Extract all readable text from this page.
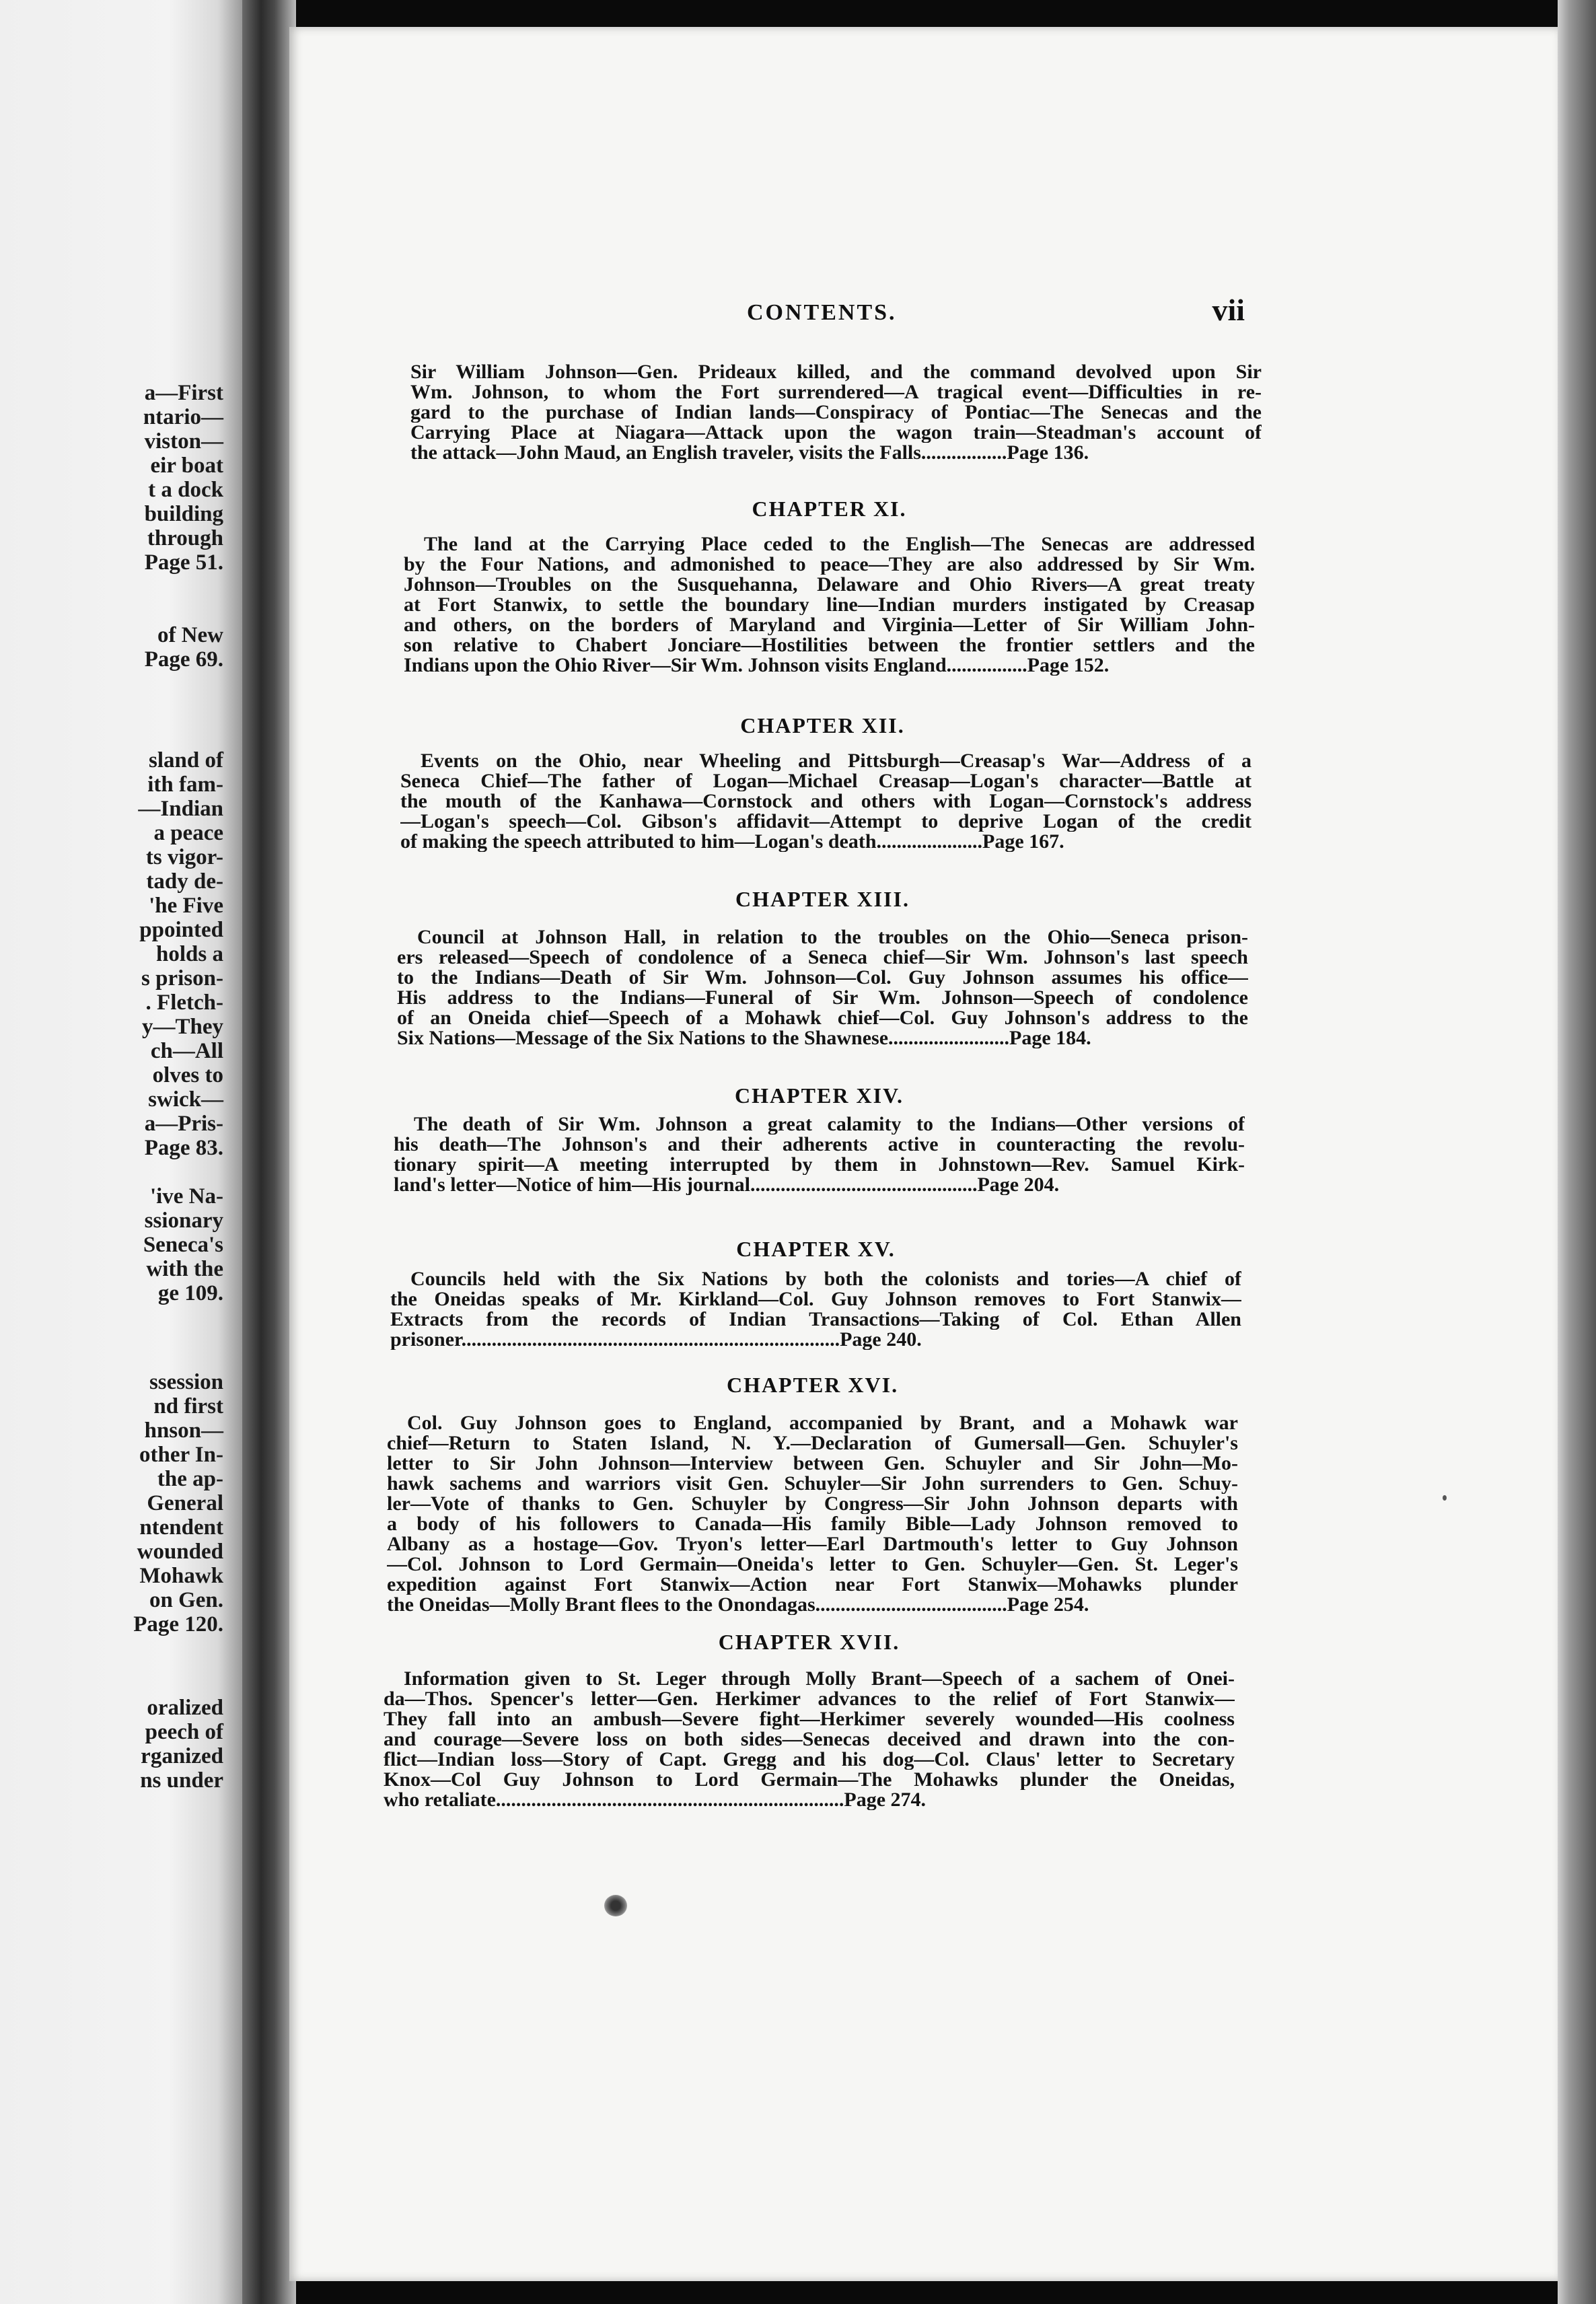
a—First
ntario—
viston—
eir boat
t a dock
building
through
Page 51.
of New
Page 69.
sland of
ith fam-
—Indian
a peace
ts vigor-
tady de-
'he Five
ppointed
holds a
s prison-
. Fletch-
y—They
ch—All
olves to
swick—
a—Pris-
Page 83.
'ive Na-
ssionary
Seneca's
with the
ge 109.
ssession
nd first
hnson—
other In-
the ap-
General
ntendent
wounded
Mohawk
on Gen.
Page 120.
oralized
peech of
rganized
ns under
CONTENTS.	vii
CHAPTER XI.
CHAPTER XII.
CHAPTER XIII.
CHAPTER XIV.
CHAPTER XV.
CHAPTER XVI.
CHAPTER XVII.
Sir William Johnson—Gen. Prideaux killed, and the command devolved upon Sir
Wm. Johnson, to whom the Fort surrendered—A tragical event—Difficulties in re-
gard to the purchase of Indian lands—Conspiracy of Pontiac—The Senecas and the
Carrying Place at Niagara—Attack upon the wagon train—Steadman's account of
the attack—John Maud, an English traveler, visits the Falls.................Page 136.
The land at the Carrying Place ceded to the English—The Senecas are addressed
by the Four Nations, and admonished to peace—They are also addressed by Sir Wm.
Johnson—Troubles on the Susquehanna, Delaware and Ohio Rivers—A great treaty
at Fort Stanwix, to settle the boundary line—Indian murders instigated by Creasap
and others, on the borders of Maryland and Virginia—Letter of Sir William John-
son relative to Chabert Jonciare—Hostilities between the frontier settlers and the
Indians upon the Ohio River—Sir Wm. Johnson visits England................Page 152.
Events on the Ohio, near Wheeling and Pittsburgh—Creasap's War—Address of a
Seneca Chief—The father of Logan—Michael Creasap—Logan's character—Battle at
the mouth of the Kanhawa—Cornstock and others with Logan—Cornstock's address
—Logan's speech—Col. Gibson's affidavit—Attempt to deprive Logan of the credit
of making the speech attributed to him—Logan's death.....................Page 167.
Council at Johnson Hall, in relation to the troubles on the Ohio—Seneca prison-
ers released—Speech of condolence of a Seneca chief—Sir Wm. Johnson's last speech
to the Indians—Death of Sir Wm. Johnson—Col. Guy Johnson assumes his office—
His address to the Indians—Funeral of Sir Wm. Johnson—Speech of condolence
of an Oneida chief—Speech of a Mohawk chief—Col. Guy Johnson's address to the
Six Nations—Message of the Six Nations to the Shawnese........................Page 184.
The death of Sir Wm. Johnson a great calamity to the Indians—Other versions of
his death—The Johnson's and their adherents active in counteracting the revolu-
tionary spirit—A meeting interrupted by them in Johnstown—Rev. Samuel Kirk-
land's letter—Notice of him—His journal.............................................Page 204.
Councils held with the Six Nations by both the colonists and tories—A chief of
the Oneidas speaks of Mr. Kirkland—Col. Guy Johnson removes to Fort Stanwix—
Extracts from the records of Indian Transactions—Taking of Col. Ethan Allen
prisoner...........................................................................Page 240.
Col. Guy Johnson goes to England, accompanied by Brant, and a Mohawk war
chief—Return to Staten Island, N. Y.—Declaration of Gumersall—Gen. Schuyler's
letter to Sir John Johnson—Interview between Gen. Schuyler and Sir John—Mo-
hawk sachems and warriors visit Gen. Schuyler—Sir John surrenders to Gen. Schuy-
ler—Vote of thanks to Gen. Schuyler by Congress—Sir John Johnson departs with
a body of his followers to Canada—His family Bible—Lady Johnson removed to
Albany as a hostage—Gov. Tryon's letter—Earl Dartmouth's letter to Guy Johnson
—Col. Johnson to Lord Germain—Oneida's letter to Gen. Schuyler—Gen. St. Leger's
expedition against Fort Stanwix—Action near Fort Stanwix—Mohawks plunder
the Oneidas—Molly Brant flees to the Onondagas......................................Page 254.
Information given to St. Leger through Molly Brant—Speech of a sachem of Onei-
da—Thos. Spencer's letter—Gen. Herkimer advances to the relief of Fort Stanwix—
They fall into an ambush—Severe fight—Herkimer severely wounded—His coolness
and courage—Severe loss on both sides—Senecas deceived and drawn into the con-
flict—Indian loss—Story of Capt. Gregg and his dog—Col. Claus' letter to Secretary
Knox—Col Guy Johnson to Lord Germain—The Mohawks plunder the Oneidas,
who retaliate.....................................................................Page 274.
